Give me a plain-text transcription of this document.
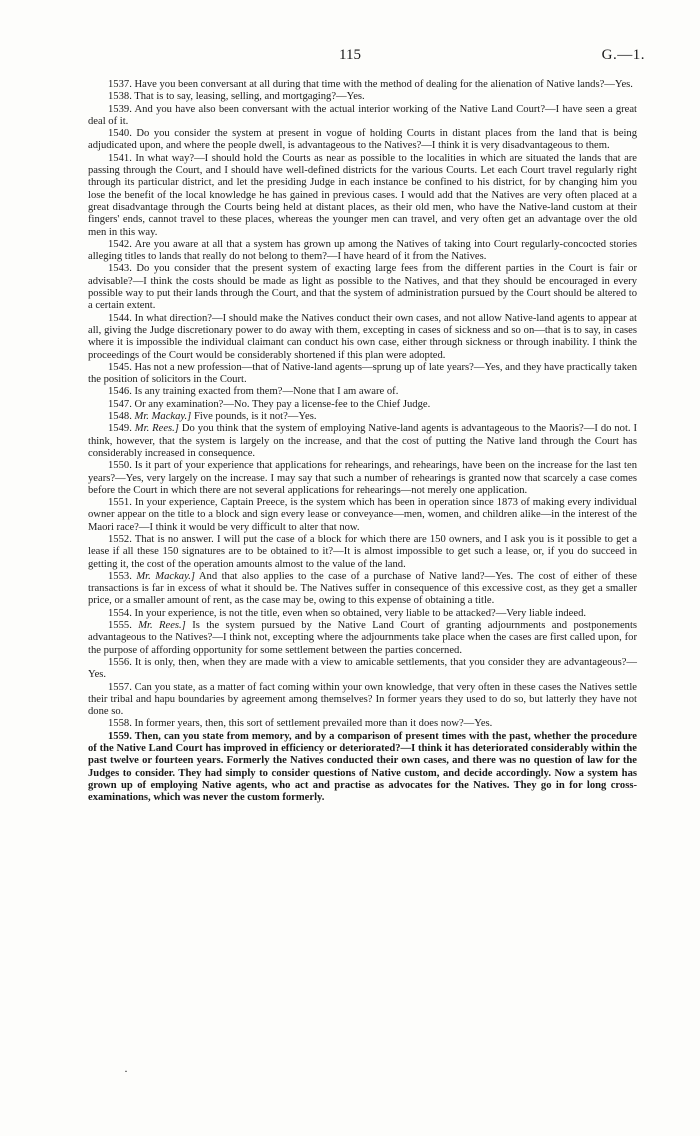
115	G.—1.

1537. Have you been conversant at all during that time with the method of dealing for the alienation of Native lands?—Yes.

1538. That is to say, leasing, selling, and mortgaging?—Yes.

1539. And you have also been conversant with the actual interior working of the Native Land Court?—I have seen a great deal of it.

1540. Do you consider the system at present in vogue of holding Courts in distant places from the land that is being adjudicated upon, and where the people dwell, is advantageous to the Natives?—I think it is very disadvantageous to them.

1541. In what way?—I should hold the Courts as near as possible to the localities in which are situated the lands that are passing through the Court, and I should have well-defined districts for the various Courts. Let each Court travel regularly right through its particular district, and let the presiding Judge in each instance be confined to his district, for by changing him you lose the benefit of the local knowledge he has gained in previous cases. I would add that the Natives are very often placed at a great disadvantage through the Courts being held at distant places, as their old men, who have the Native-land custom at their fingers' ends, cannot travel to these places, whereas the younger men can travel, and very often get an advantage over the old men in this way.

1542. Are you aware at all that a system has grown up among the Natives of taking into Court regularly-concocted stories alleging titles to lands that really do not belong to them?—I have heard of it from the Natives.

1543. Do you consider that the present system of exacting large fees from the different parties in the Court is fair or advisable?—I think the costs should be made as light as possible to the Natives, and that they should be encouraged in every possible way to put their lands through the Court, and that the system of administration pursued by the Court should be altered to a certain extent.

1544. In what direction?—I should make the Natives conduct their own cases, and not allow Native-land agents to appear at all, giving the Judge discretionary power to do away with them, excepting in cases of sickness and so on—that is to say, in cases where it is impossible the individual claimant can conduct his own case, either through sickness or through inability. I think the proceedings of the Court would be considerably shortened if this plan were adopted.

1545. Has not a new profession—that of Native-land agents—sprung up of late years?—Yes, and they have practically taken the position of solicitors in the Court.

1546. Is any training exacted from them?—None that I am aware of.

1547. Or any examination?—No. They pay a license-fee to the Chief Judge.

1548. Mr. Mackay.] Five pounds, is it not?—Yes.

1549. Mr. Rees.] Do you think that the system of employing Native-land agents is advantageous to the Maoris?—I do not. I think, however, that the system is largely on the increase, and that the cost of putting the Native land through the Court has considerably increased in consequence.

1550. Is it part of your experience that applications for rehearings, and rehearings, have been on the increase for the last ten years?—Yes, very largely on the increase. I may say that such a number of rehearings is granted now that scarcely a case comes before the Court in which there are not several applications for rehearings—not merely one application.

1551. In your experience, Captain Preece, is the system which has been in operation since 1873 of making every individual owner appear on the title to a block and sign every lease or conveyance—men, women, and children alike—in the interest of the Maori race?—I think it would be very difficult to alter that now.

1552. That is no answer. I will put the case of a block for which there are 150 owners, and I ask you is it possible to get a lease if all these 150 signatures are to be obtained to it?—It is almost impossible to get such a lease, or, if you do succeed in getting it, the cost of the operation amounts almost to the value of the land.

1553. Mr. Mackay.] And that also applies to the case of a purchase of Native land?—Yes. The cost of either of these transactions is far in excess of what it should be. The Natives suffer in consequence of this excessive cost, as they get a smaller price, or a smaller amount of rent, as the case may be, owing to this expense of obtaining a title.

1554. In your experience, is not the title, even when so obtained, very liable to be attacked?—Very liable indeed.

1555. Mr. Rees.] Is the system pursued by the Native Land Court of granting adjournments and postponements advantageous to the Natives?—I think not, excepting where the adjournments take place when the cases are first called upon, for the purpose of affording opportunity for some settlement between the parties concerned.

1556. It is only, then, when they are made with a view to amicable settlements, that you consider they are advantageous?—Yes.

1557. Can you state, as a matter of fact coming within your own knowledge, that very often in these cases the Natives settle their tribal and hapu boundaries by agreement among themselves? In former years they used to do so, but latterly they have not done so.

1558. In former years, then, this sort of settlement prevailed more than it does now?—Yes.

1559. Then, can you state from memory, and by a comparison of present times with the past, whether the procedure of the Native Land Court has improved in efficiency or deteriorated?—I think it has deteriorated considerably within the past twelve or fourteen years. Formerly the Natives conducted their own cases, and there was no question of law for the Judges to consider. They had simply to consider questions of Native custom, and decide accordingly. Now a system has grown up of employing Native agents, who act and practise as advocates for the Natives. They go in for long cross-examinations, which was never the custom formerly.

·
